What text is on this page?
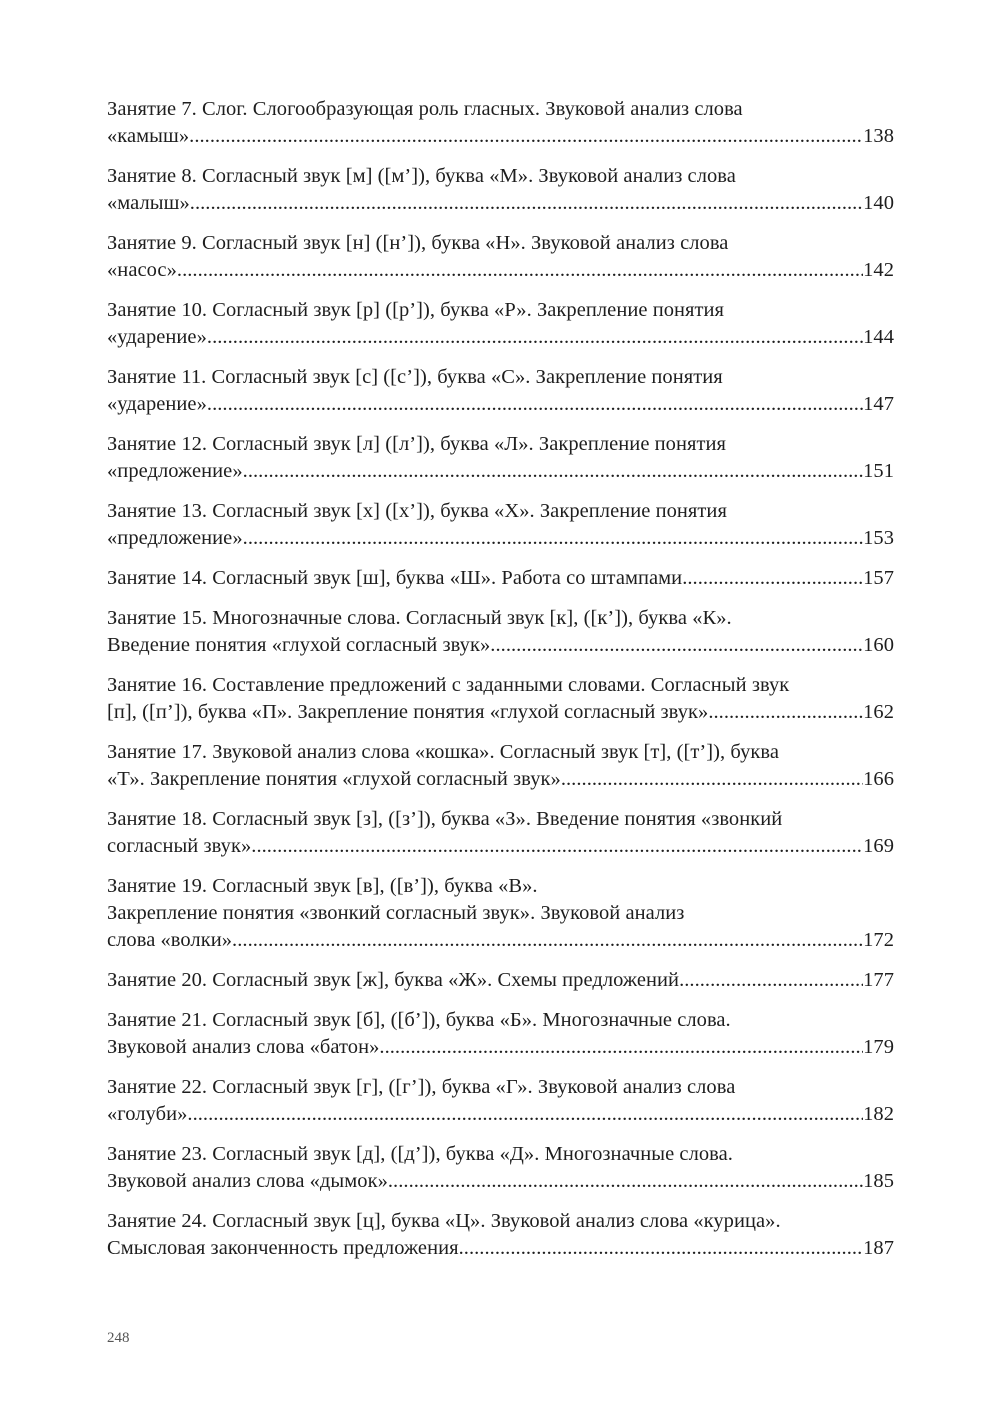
Занятие 7. Слог. Слогообразующая роль гласных. Звуковой анализ слова
«камыш» .....	138
Занятие 8. Согласный звук [м] ([м’]), буква «М». Звуковой анализ слова
«малыш» .....	140
Занятие 9. Согласный звук [н] ([н’]), буква «Н». Звуковой анализ слова
«насос» .....	142
Занятие 10. Согласный звук [р] ([р’]), буква «Р». Закрепление понятия
«ударение» .....	144
Занятие 11. Согласный звук [с] ([с’]), буква «С». Закрепление понятия
«ударение» .....	147
Занятие 12. Согласный звук [л] ([л’]), буква «Л». Закрепление понятия
«предложение» .....	151
Занятие 13. Согласный звук [х] ([х’]), буква «Х». Закрепление понятия
«предложение» .....	153
Занятие 14. Согласный звук [ш], буква «Ш». Работа со штампами .....	157
Занятие 15. Многозначные слова. Согласный звук [к], ([к’]), буква «К».
Введение понятия «глухой согласный звук» .....	160
Занятие 16. Составление предложений с заданными словами. Согласный звук
[п], ([п’]), буква «П». Закрепление понятия «глухой согласный звук» .....	162
Занятие 17. Звуковой анализ слова «кошка». Согласный звук [т], ([т’]), буква
«Т». Закрепление понятия «глухой согласный звук» .....	166
Занятие 18. Согласный звук [з], ([з’]), буква «З». Введение понятия «звонкий
согласный звук» .....	169
Занятие 19. Согласный звук [в], ([в’]), буква «В».
Закрепление понятия «звонкий согласный звук». Звуковой анализ
слова «волки» .....	172
Занятие 20. Согласный звук [ж], буква «Ж». Схемы предложений .....	177
Занятие 21. Согласный звук [б], ([б’]), буква «Б». Многозначные слова.
Звуковой анализ слова «батон» .....	179
Занятие 22. Согласный звук [г], ([г’]), буква «Г». Звуковой анализ слова
«голуби» .....	182
Занятие 23. Согласный звук [д], ([д’]), буква «Д». Многозначные слова.
Звуковой анализ слова «дымок» .....	185
Занятие 24. Согласный звук [ц], буква «Ц». Звуковой анализ слова «курица».
Смысловая законченность предложения .....	187
248
